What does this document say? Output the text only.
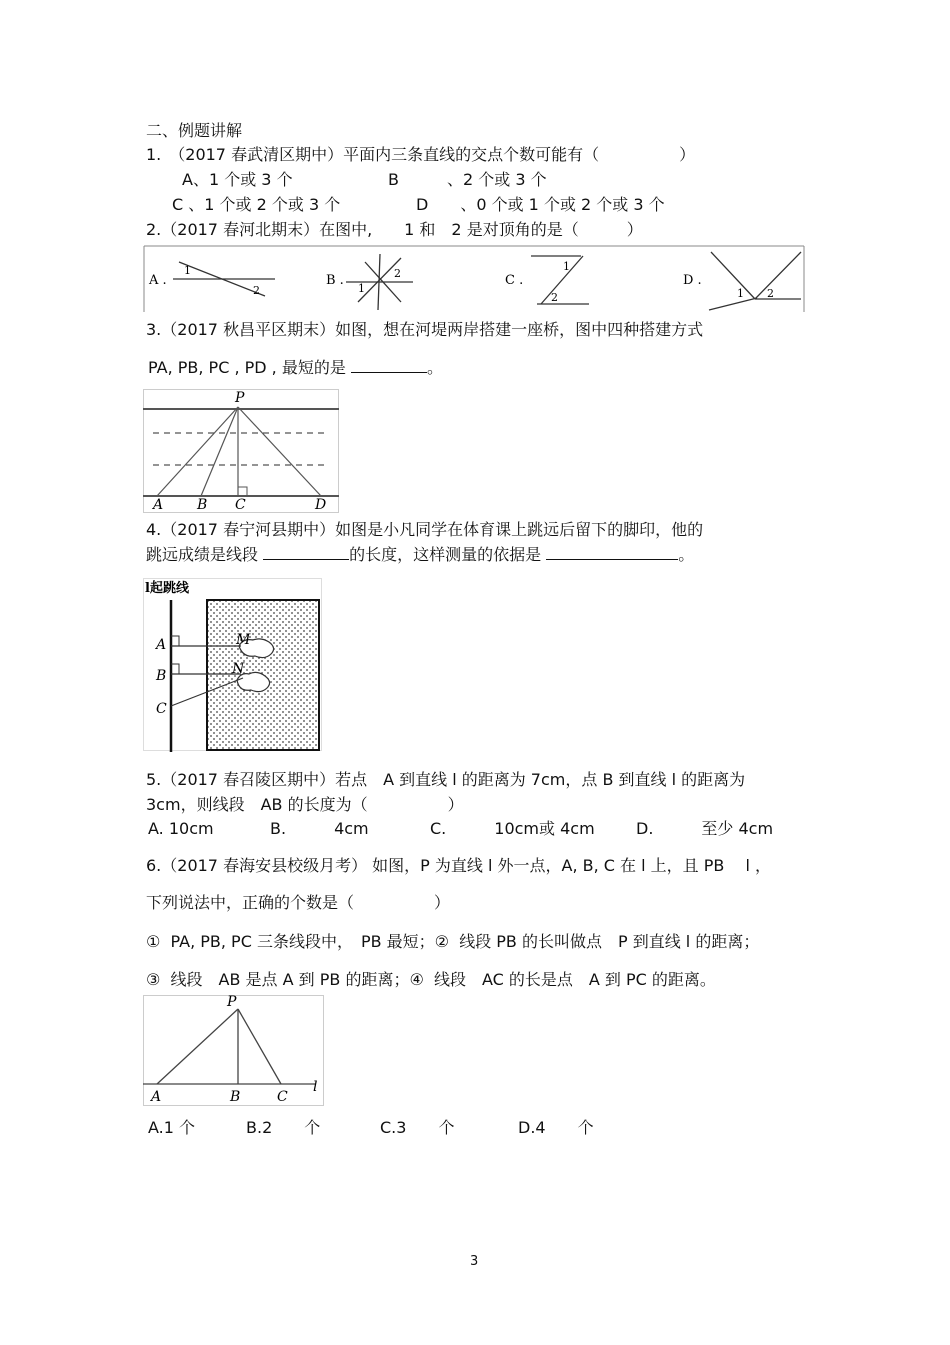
二、例题讲解
1.　（2017 春武清区期中）平面内三条直线的交点个数可能有（　　　　　）
A、1 个或 3 个	B　　　、2 个或 3 个
C 、1 个或 2 个或 3 个	D　　、0 个或 1 个或 2 个或 3 个
2.（2017 春河北期末）在图中,　　1 和　2 是对顶角的是（　　　）
A .
1
2
B .
1
2	C .
1
2
D .
1 2
3.（2017 秋昌平区期末）如图，想在河堤两岸搭建一座桥，图中四种搭建方式
PA, PB, PC , PD , 最短的是	。
P
A B C	D
4.（2017 春宁河县期中）如图是小凡同学在体育课上跳远后留下的脚印，他的
跳远成绩是线段	的长度，这样测量的依据是	。
l起跳线
A
B
C
M
N
5.（2017 春召陵区期中）若点　A 到直线 l 的距离为 7cm，点 B 到直线 l 的距离为
3cm，则线段　AB 的长度为（　　　　　）
A. 10cm	B.　　　4cm	C.　　　10cm或 4cm	D.　　　至少 4cm
6.（2017 春海安县校级月考） 如图，P 为直线 l 外一点，A, B, C 在 l 上，且 PB　 l ，
下列说法中，正确的个数是（　　　　　）
①  PA, PB, PC 三条线段中，　PB 最短；②  线段 PB 的长叫做点　P 到直线 l 的距离；
③  线段　AB 是点 A 到 PB 的距离；④  线段　AC 的长是点　A 到 PC 的距离。
P
A	B	C
l
A.1 个	B.2　　个	C.3　　个	D.4　　个
3
